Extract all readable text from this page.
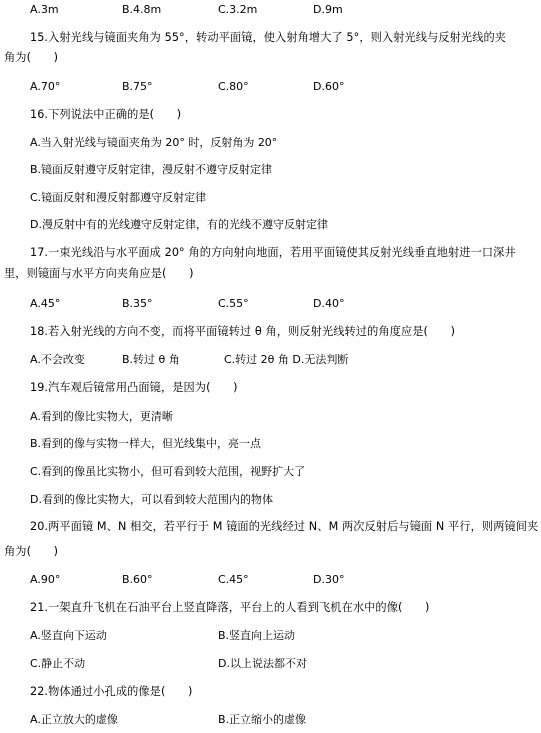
A.3m	B.4.8m	C.3.2m	D.9m
15.入射光线与镜面夹角为 55°，转动平面镜，使入射角增大了 5°，则入射光线与反射光线的夹
角为(　　)
A.70°	B.75°	C.80°	D.60°
16.下列说法中正确的是(　　)
A.当入射光线与镜面夹角为 20° 时，反射角为 20°
B.镜面反射遵守反射定律，漫反射不遵守反射定律
C.镜面反射和漫反射都遵守反射定律
D.漫反射中有的光线遵守反射定律，有的光线不遵守反射定律
17.一束光线沿与水平面成 20° 角的方向射向地面，若用平面镜使其反射光线垂直地射进一口深井
里，则镜面与水平方向夹角应是(　　)
A.45°	B.35°	C.55°	D.40°
18.若入射光线的方向不变，而将平面镜转过 θ 角，则反射光线转过的角度应是(　　)
A.不会改变	B.转过 θ 角	C.转过 2θ 角 D.无法判断
19.汽车观后镜常用凸面镜，是因为(　　)
A.看到的像比实物大，更清晰
B.看到的像与实物一样大，但光线集中，亮一点
C.看到的像虽比实物小，但可看到较大范围，视野扩大了
D.看到的像比实物大，可以看到较大范围内的物体
20.两平面镜 M、N 相交，若平行于 M 镜面的光线经过 N、M 两次反射后与镜面 N 平行，则两镜间夹
角为(　　)
A.90°	B.60°	C.45°	D.30°
21.一架直升飞机在石油平台上竖直降落，平台上的人看到飞机在水中的像(　　)
A.竖直向下运动	B.竖直向上运动
C.静止不动	D.以上说法都不对
22.物体通过小孔成的像是(　　)
A.正立放大的虚像	B.正立缩小的虚像
